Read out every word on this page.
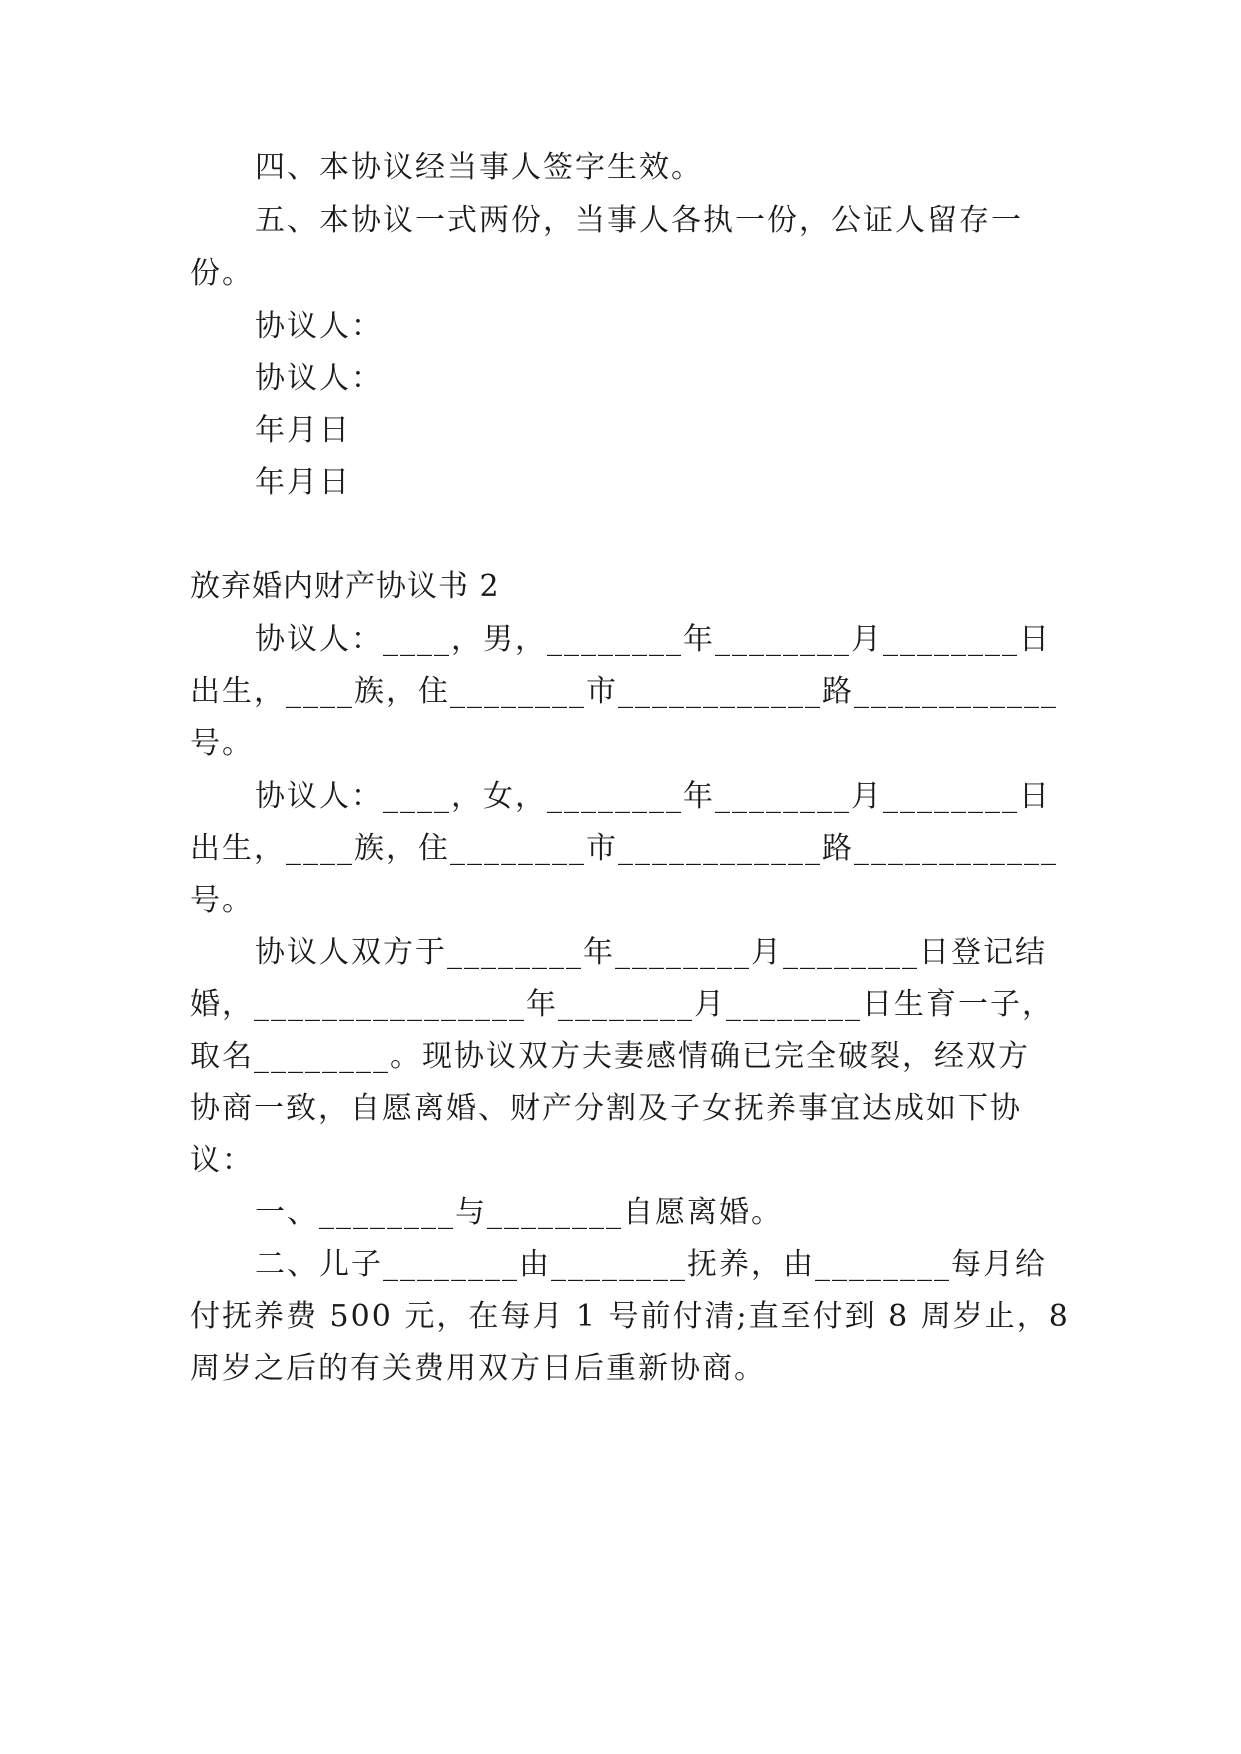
四、本协议经当事人签字生效。
五、本协议一式两份，当事人各执一份，公证人留存一
份。
协议人：
协议人：
年月日
年月日
放弃婚内财产协议书 2
协议人：____，男，________年________月________日
出生，____族，住________市____________路____________
号。
协议人：____，女，________年________月________日
出生，____族，住________市____________路____________
号。
协议人双方于________年________月________日登记结
婚，________________年________月________日生育一子，
取名________。现协议双方夫妻感情确已完全破裂，经双方
协商一致，自愿离婚、财产分割及子女抚养事宜达成如下协
议：
一、________与________自愿离婚。
二、儿子________由________抚养，由________每月给
付抚养费 500 元，在每月 1 号前付清;直至付到 8 周岁止，8
周岁之后的有关费用双方日后重新协商。
